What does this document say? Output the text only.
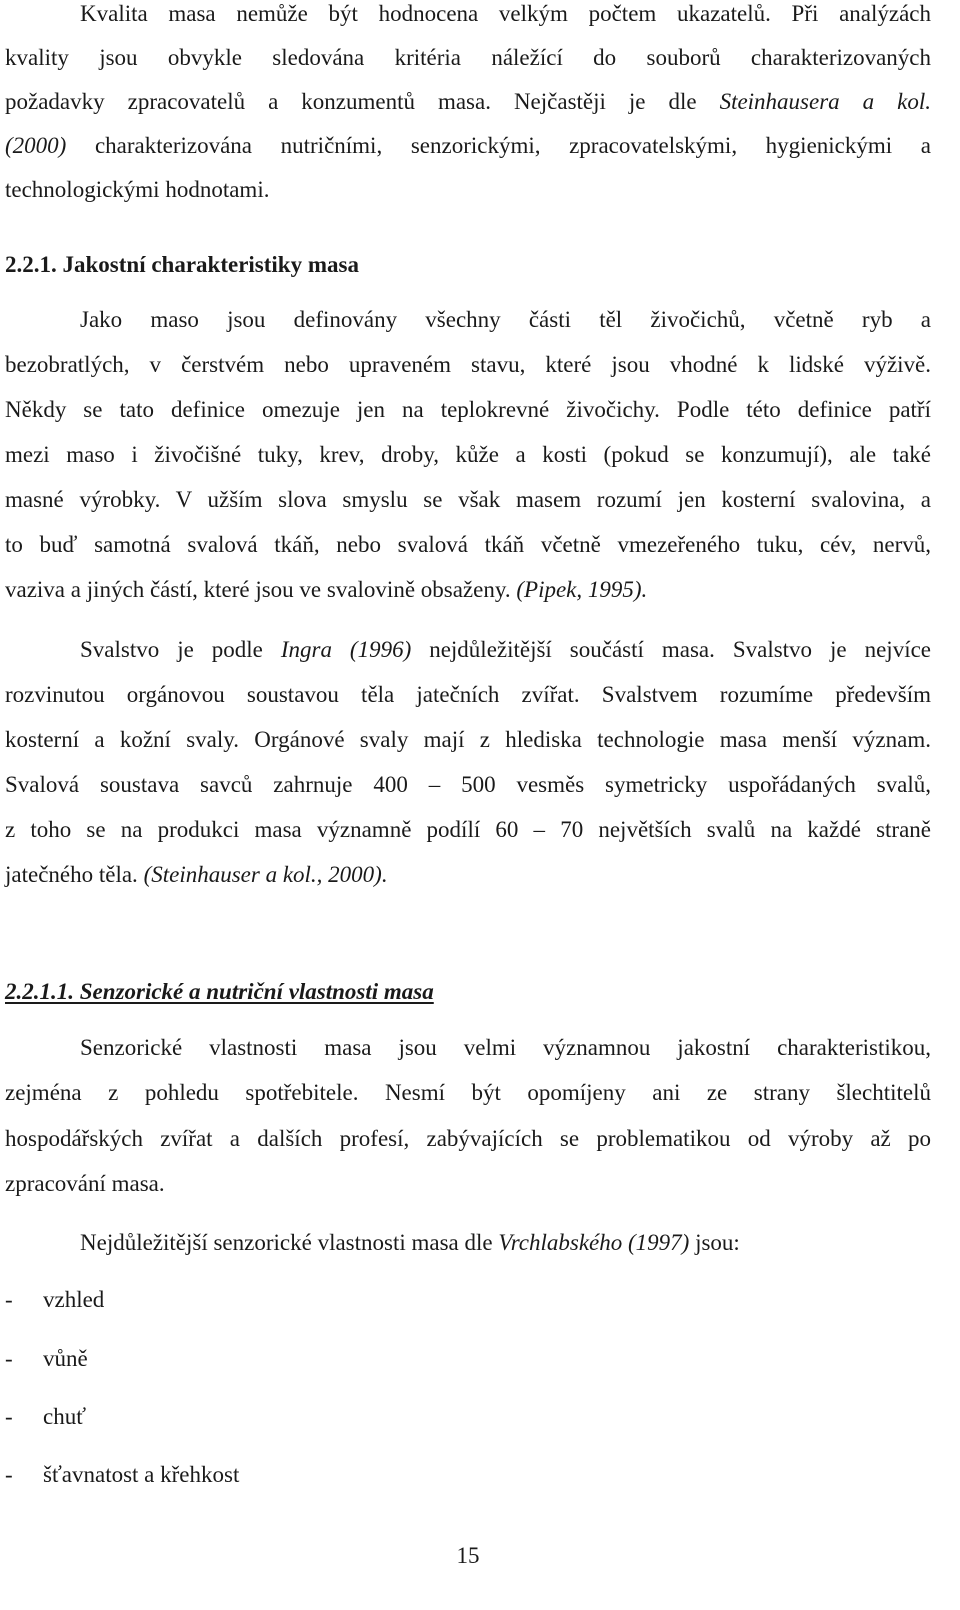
Kvalita masa nemůže být hodnocena velkým počtem ukazatelů. Při analýzách
kvality jsou obvykle sledována kritéria náležící do souborů charakterizovaných
požadavky zpracovatelů a konzumentů masa. Nejčastěji je dle Steinhausera a kol.
(2000) charakterizována nutričními, senzorickými, zpracovatelskými, hygienickými a
technologickými hodnotami.
2.2.1. Jakostní charakteristiky masa
Jako maso jsou definovány všechny části těl živočichů, včetně ryb a
bezobratlých, v čerstvém nebo upraveném stavu, které jsou vhodné k lidské výživě.
Někdy se tato definice omezuje jen na teplokrevné živočichy. Podle této definice patří
mezi maso i živočišné tuky, krev, droby, kůže a kosti (pokud se konzumují), ale také
masné výrobky. V užším slova smyslu se však masem rozumí jen kosterní svalovina, a
to buď samotná svalová tkáň, nebo svalová tkáň včetně vmezeřeného tuku, cév, nervů,
vaziva a jiných částí, které jsou ve svalovině obsaženy. (Pipek, 1995).
Svalstvo je podle Ingra (1996) nejdůležitější součástí masa. Svalstvo je nejvíce
rozvinutou orgánovou soustavou těla jatečních zvířat. Svalstvem rozumíme především
kosterní a kožní svaly. Orgánové svaly mají z hlediska technologie masa menší význam.
Svalová soustava savců zahrnuje 400 – 500 vesměs symetricky uspořádaných svalů,
z toho se na produkci masa významně podílí 60 – 70 největších svalů na každé straně
jatečného těla. (Steinhauser a kol., 2000).
2.2.1.1. Senzorické a nutriční vlastnosti masa
Senzorické vlastnosti masa jsou velmi významnou jakostní charakteristikou,
zejména z pohledu spotřebitele. Nesmí být opomíjeny ani ze strany šlechtitelů
hospodářských zvířat a dalších profesí, zabývajících se problematikou od výroby až po
zpracování masa.
Nejdůležitější senzorické vlastnosti masa dle Vrchlabského (1997) jsou:
- vzhled
- vůně
- chuť
- šťavnatost a křehkost
15
